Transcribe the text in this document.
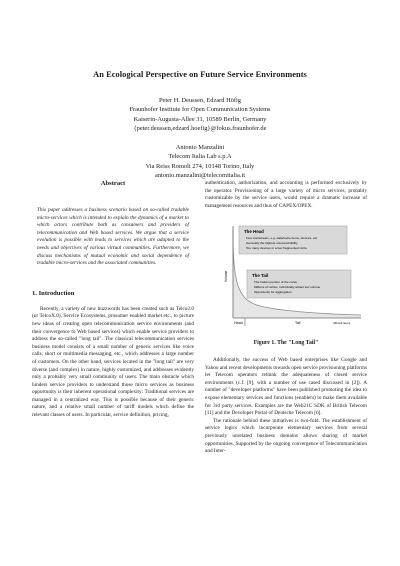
An Ecological Perspective on Future Service Environments
Peter H. Deussen, Edzard Höfig
Fraunhofer Institute for Open Communication Systems
Kaiserin-Augusta-Allee 31, 10589 Berlin, Germany
{peter.deussen,edzard.hoefig}@fokus.fraunhofer.de
Antonio Manzalini
Telecom Italia Lab s.p.A
Via Reiss Romoli 274, 10148 Torino, Italy
antonio.manzalini@telecomitalia.it
Abstract

This paper addresses a business scenario based on so-called tradable micro-services which is intended to explain the dynamics of a market to which actors contribute both as consumers and providers of telecommunication and Web based services. We argue that a service evolution is possible with leads to services which are adapted to the needs and objectives of various virtual communities. Furthermore, we discuss mechanisms of mutual economic and social dependence of tradable micro-services and the associated communities.

1. Introduction

Recently, a variety of new buzzwords has been created such as Telco2.0 (or TelcoX.0), Service Ecosystems, prosumer enabled market etc., to picture new ideas of creating open telecommunication service environments (and their convergence to Web based services) which enable service providers to address the so-called "long tail". The classical telecommunication services business model consists of a small number of generic services like voice calls, short or multimedia messaging, etc., which addresses a large number of customers. On the other hand, services located in the "long tail" are very diverse (and complex) in nature, highly customized, and addresses evidently only a probably very small community of users. The main obstacle which hinders service providers to understand those micro services as business opportunity is their inherent operational complexity: Traditional services are managed in a centralized way. This is possible because of their generic nature, and a relative small number of tariff models which define the relevant classes of users. In particular, service definition, pricing,

authentication, authorization, and accounting is performed exclusively by the operator. Provisioning of a large variety of micro services, probably customizable by the service users, would require a dramatic increase of management resources and thus of CAPEX/OPEX.

The Head
Few mainstream, e.g. data/voice items, devices, etc.
Generally the highest volume/visibility
Too many devices in a few fragmented niche
The Tail
The bottom portion of the curve
Millions of niches, individually attract low volume
Opportunity for aggregation
Volume
Head	Tail	offered items
Figure 1. The "Long Tail"

Additionally, the success of Web based enterprises like Google and Yahoo and recent developments towards open service provisioning platforms let Telecom operators rethink the adequateness of closed service environments (c.f. [9], with a number of use cased discussed in [2]). A number of "developer platforms" have been published promoting the idea to expose elementary services and functions (enablers) to make them available for 3rd party services. Examples are the Web21C SDK of British Telecom [11] and the Developer Portal of Deutsche Telecom [6].

The rationale behind these initiatives is two-fold. The establishment of service logics which incorporate elementary services from several previously unrelated business domains allows sharing of market opportunities. Supported by the ongoing convergence of Telecommunication and Inter-
